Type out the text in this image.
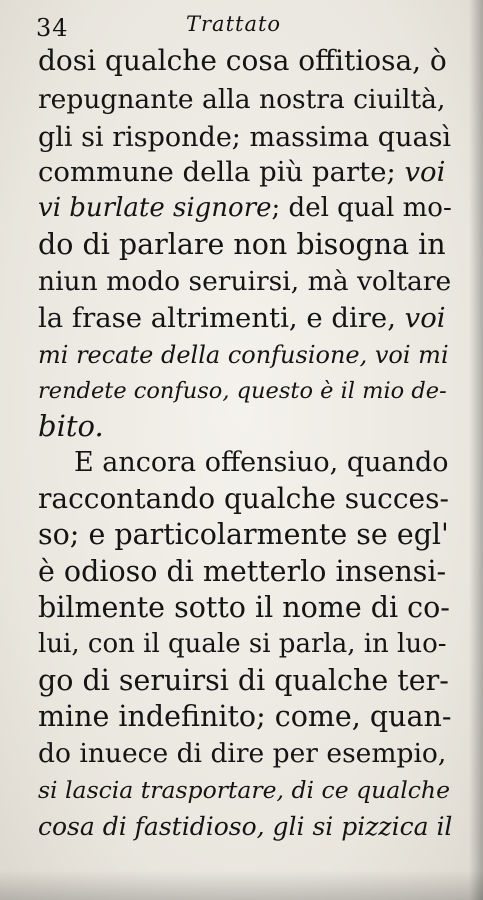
34	Trattato
dosi qualche cosa offitiosa, ò
repugnante alla nostra ciuiltà,
gli si risponde; massima quasì
commune della più parte; voi
vi burlate signore; del qual mo-
do di parlare non bisogna in
niun modo seruirsi, mà voltare
la frase altrimenti, e dire, voi
mi recate della confusione, voi mi
rendete confuso, questo è il mio de-
bito.
E ancora offensiuo, quando
raccontando qualche succes-
so; e particolarmente se egl'
è odioso di metterlo insensi-
bilmente sotto il nome di co-
lui, con il quale si parla, in luo-
go di seruirsi di qualche ter-
mine indefinito; come, quan-
do inuece di dire per esempio,
si lascia trasportare, di ce qualche
cosa di fastidioso, gli si pizzica il
